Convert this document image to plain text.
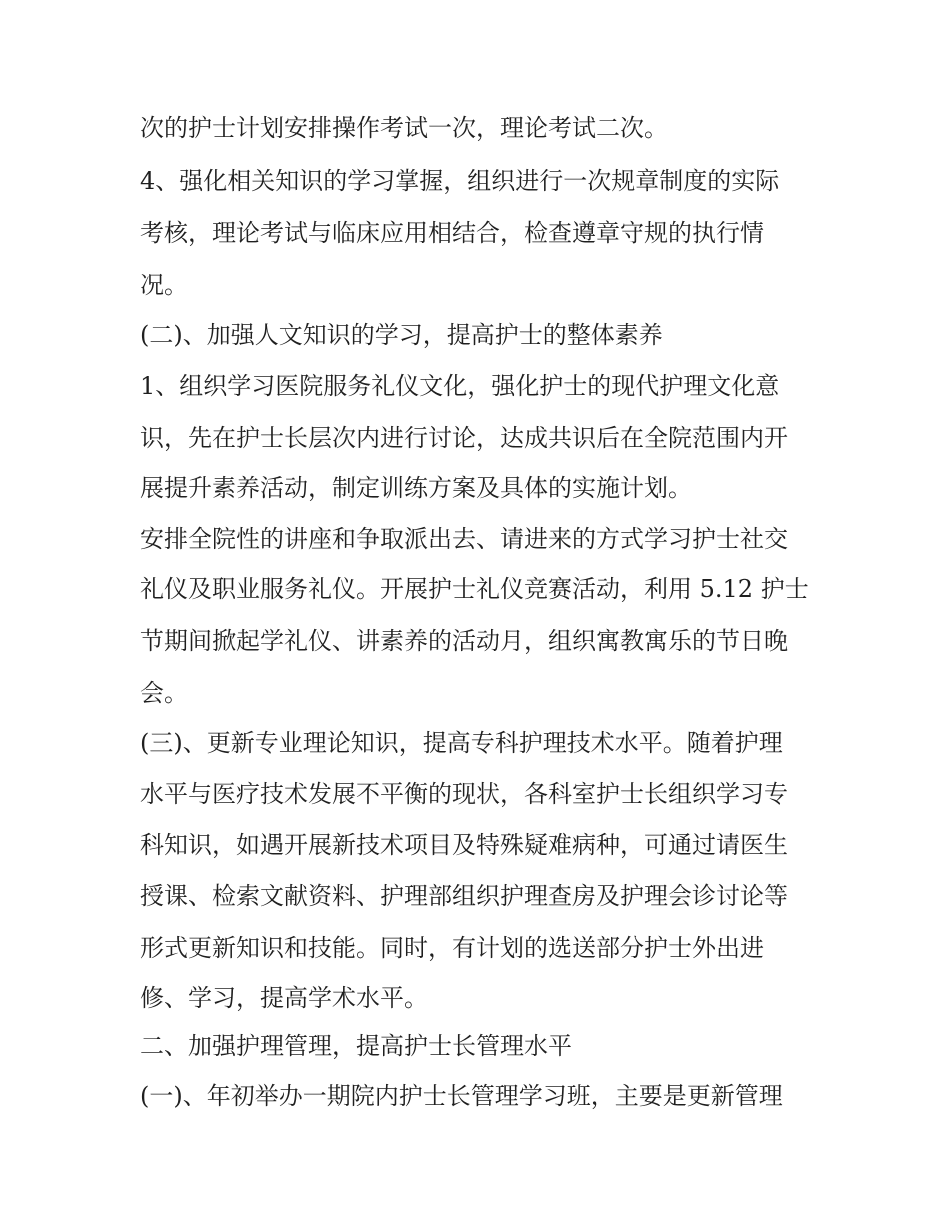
次的护士计划安排操作考试一次，理论考试二次。
4、强化相关知识的学习掌握，组织进行一次规章制度的实际
考核，理论考试与临床应用相结合，检查遵章守规的执行情
况。
(二)、加强人文知识的学习，提高护士的整体素养
1、组织学习医院服务礼仪文化，强化护士的现代护理文化意
识，先在护士长层次内进行讨论，达成共识后在全院范围内开
展提升素养活动，制定训练方案及具体的实施计划。
安排全院性的讲座和争取派出去、请进来的方式学习护士社交
礼仪及职业服务礼仪。开展护士礼仪竞赛活动，利用 5.12 护士
节期间掀起学礼仪、讲素养的活动月，组织寓教寓乐的节日晚
会。
(三)、更新专业理论知识，提高专科护理技术水平。随着护理
水平与医疗技术发展不平衡的现状，各科室护士长组织学习专
科知识，如遇开展新技术项目及特殊疑难病种，可通过请医生
授课、检索文献资料、护理部组织护理查房及护理会诊讨论等
形式更新知识和技能。同时，有计划的选送部分护士外出进
修、学习，提高学术水平。
二、加强护理管理，提高护士长管理水平
(一)、年初举办一期院内护士长管理学习班，主要是更新管理
